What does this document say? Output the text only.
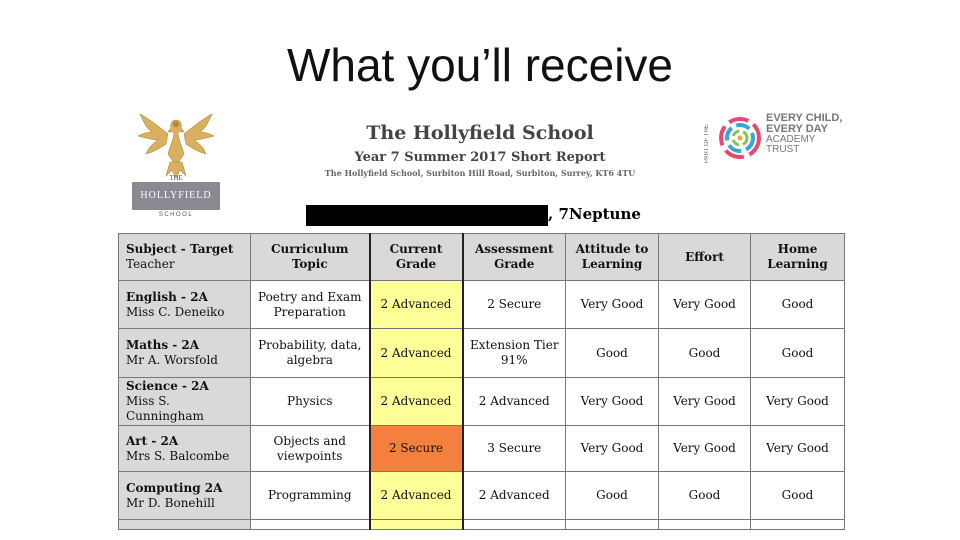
What you’ll receive
THE
HOLLYFIELD
SCHOOL
The Hollyfield School
Year 7 Summer 2017 Short Report
The Hollyfield School, Surbiton Hill Road, Surbiton, Surrey, KT6 4TU
PART OF THE
EVERY CHILD,
EVERY DAY
ACADEMY
TRUST
, 7Neptune
Subject - Target
Teacher	Curriculum Topic	Current Grade	Assessment Grade	Attitude to Learning	Effort	Home Learning

English - 2A
Miss C. Deneiko	Poetry and Exam Preparation	2 Advanced	2 Secure	Very Good	Very Good	Good

Maths - 2A
Mr A. Worsfold	Probability, data, algebra	2 Advanced	Extension Tier 91%	Good	Good	Good

Science - 2A
Miss S. Cunningham	Physics	2 Advanced	2 Advanced	Very Good	Very Good	Very Good

Art - 2A
Mrs S. Balcombe	Objects and viewpoints	2 Secure	3 Secure	Very Good	Very Good	Very Good

Computing 2A
Mr D. Bonehill	Programming	2 Advanced	2 Advanced	Good	Good	Good
